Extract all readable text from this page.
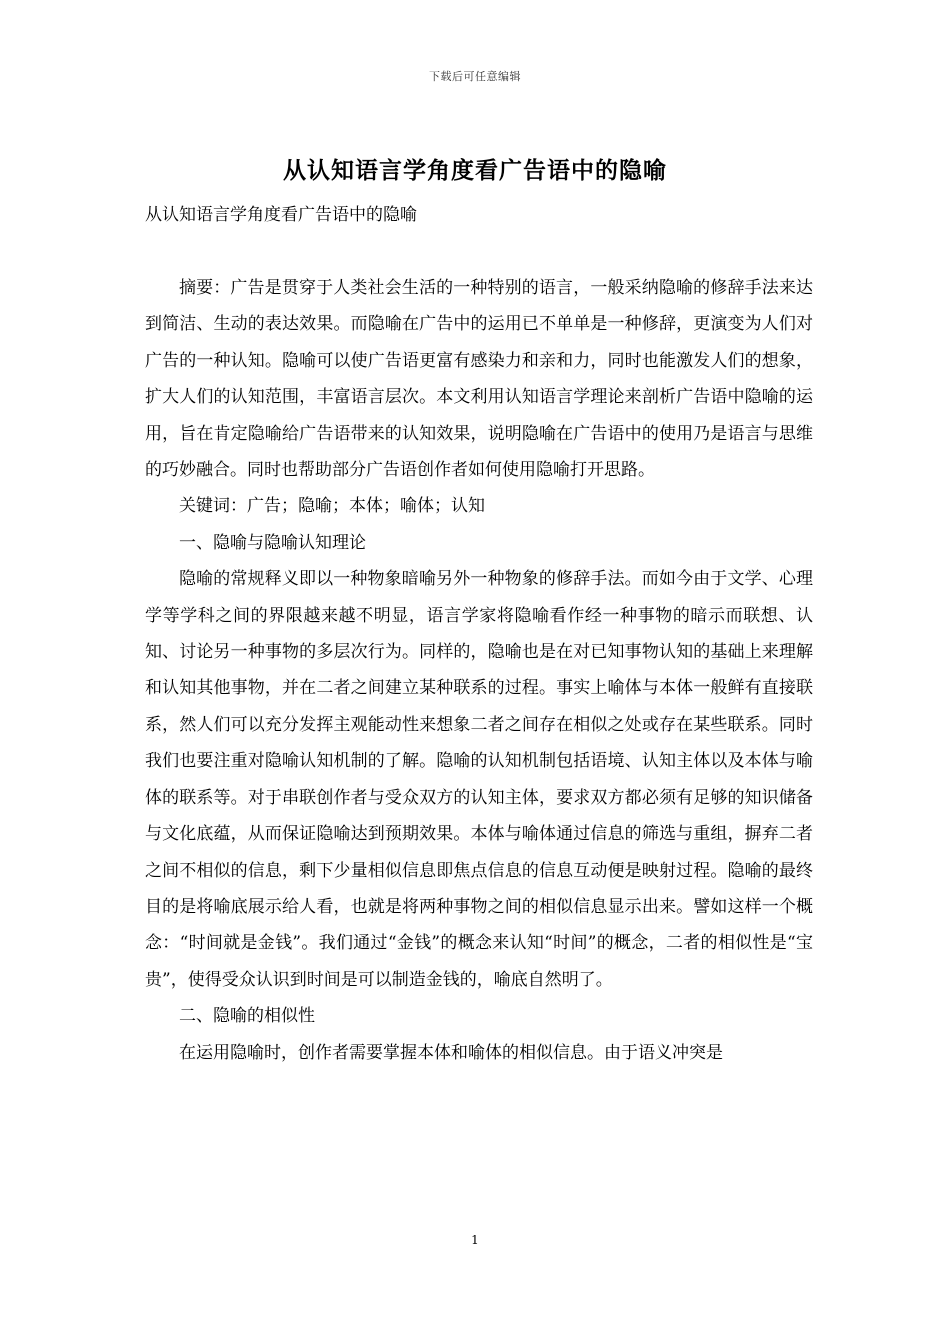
下载后可任意编辑
从认知语言学角度看广告语中的隐喻
从认知语言学角度看广告语中的隐喻

摘要：广告是贯穿于人类社会生活的一种特别的语言，一般采纳隐喻的修辞手法来达到简洁、生动的表达效果。而隐喻在广告中的运用已不单单是一种修辞，更演变为人们对广告的一种认知。隐喻可以使广告语更富有感染力和亲和力，同时也能激发人们的想象，扩大人们的认知范围，丰富语言层次。本文利用认知语言学理论来剖析广告语中隐喻的运用，旨在肯定隐喻给广告语带来的认知效果，说明隐喻在广告语中的使用乃是语言与思维的巧妙融合。同时也帮助部分广告语创作者如何使用隐喻打开思路。

关键词：广告；隐喻；本体；喻体；认知

一、隐喻与隐喻认知理论

隐喻的常规释义即以一种物象暗喻另外一种物象的修辞手法。而如今由于文学、心理学等学科之间的界限越来越不明显，语言学家将隐喻看作经一种事物的暗示而联想、认知、讨论另一种事物的多层次行为。同样的，隐喻也是在对已知事物认知的基础上来理解和认知其他事物，并在二者之间建立某种联系的过程。事实上喻体与本体一般鲜有直接联系，然人们可以充分发挥主观能动性来想象二者之间存在相似之处或存在某些联系。同时我们也要注重对隐喻认知机制的了解。隐喻的认知机制包括语境、认知主体以及本体与喻体的联系等。对于串联创作者与受众双方的认知主体，要求双方都必须有足够的知识储备与文化底蕴，从而保证隐喻达到预期效果。本体与喻体通过信息的筛选与重组，摒弃二者之间不相似的信息，剩下少量相似信息即焦点信息的信息互动便是映射过程。隐喻的最终目的是将喻底展示给人看，也就是将两种事物之间的相似信息显示出来。譬如这样一个概念：“时间就是金钱”。我们通过“金钱”的概念来认知“时间”的概念，二者的相似性是“宝贵”，使得受众认识到时间是可以制造金钱的，喻底自然明了。

二、隐喻的相似性

在运用隐喻时，创作者需要掌握本体和喻体的相似信息。由于语义冲突是

1
